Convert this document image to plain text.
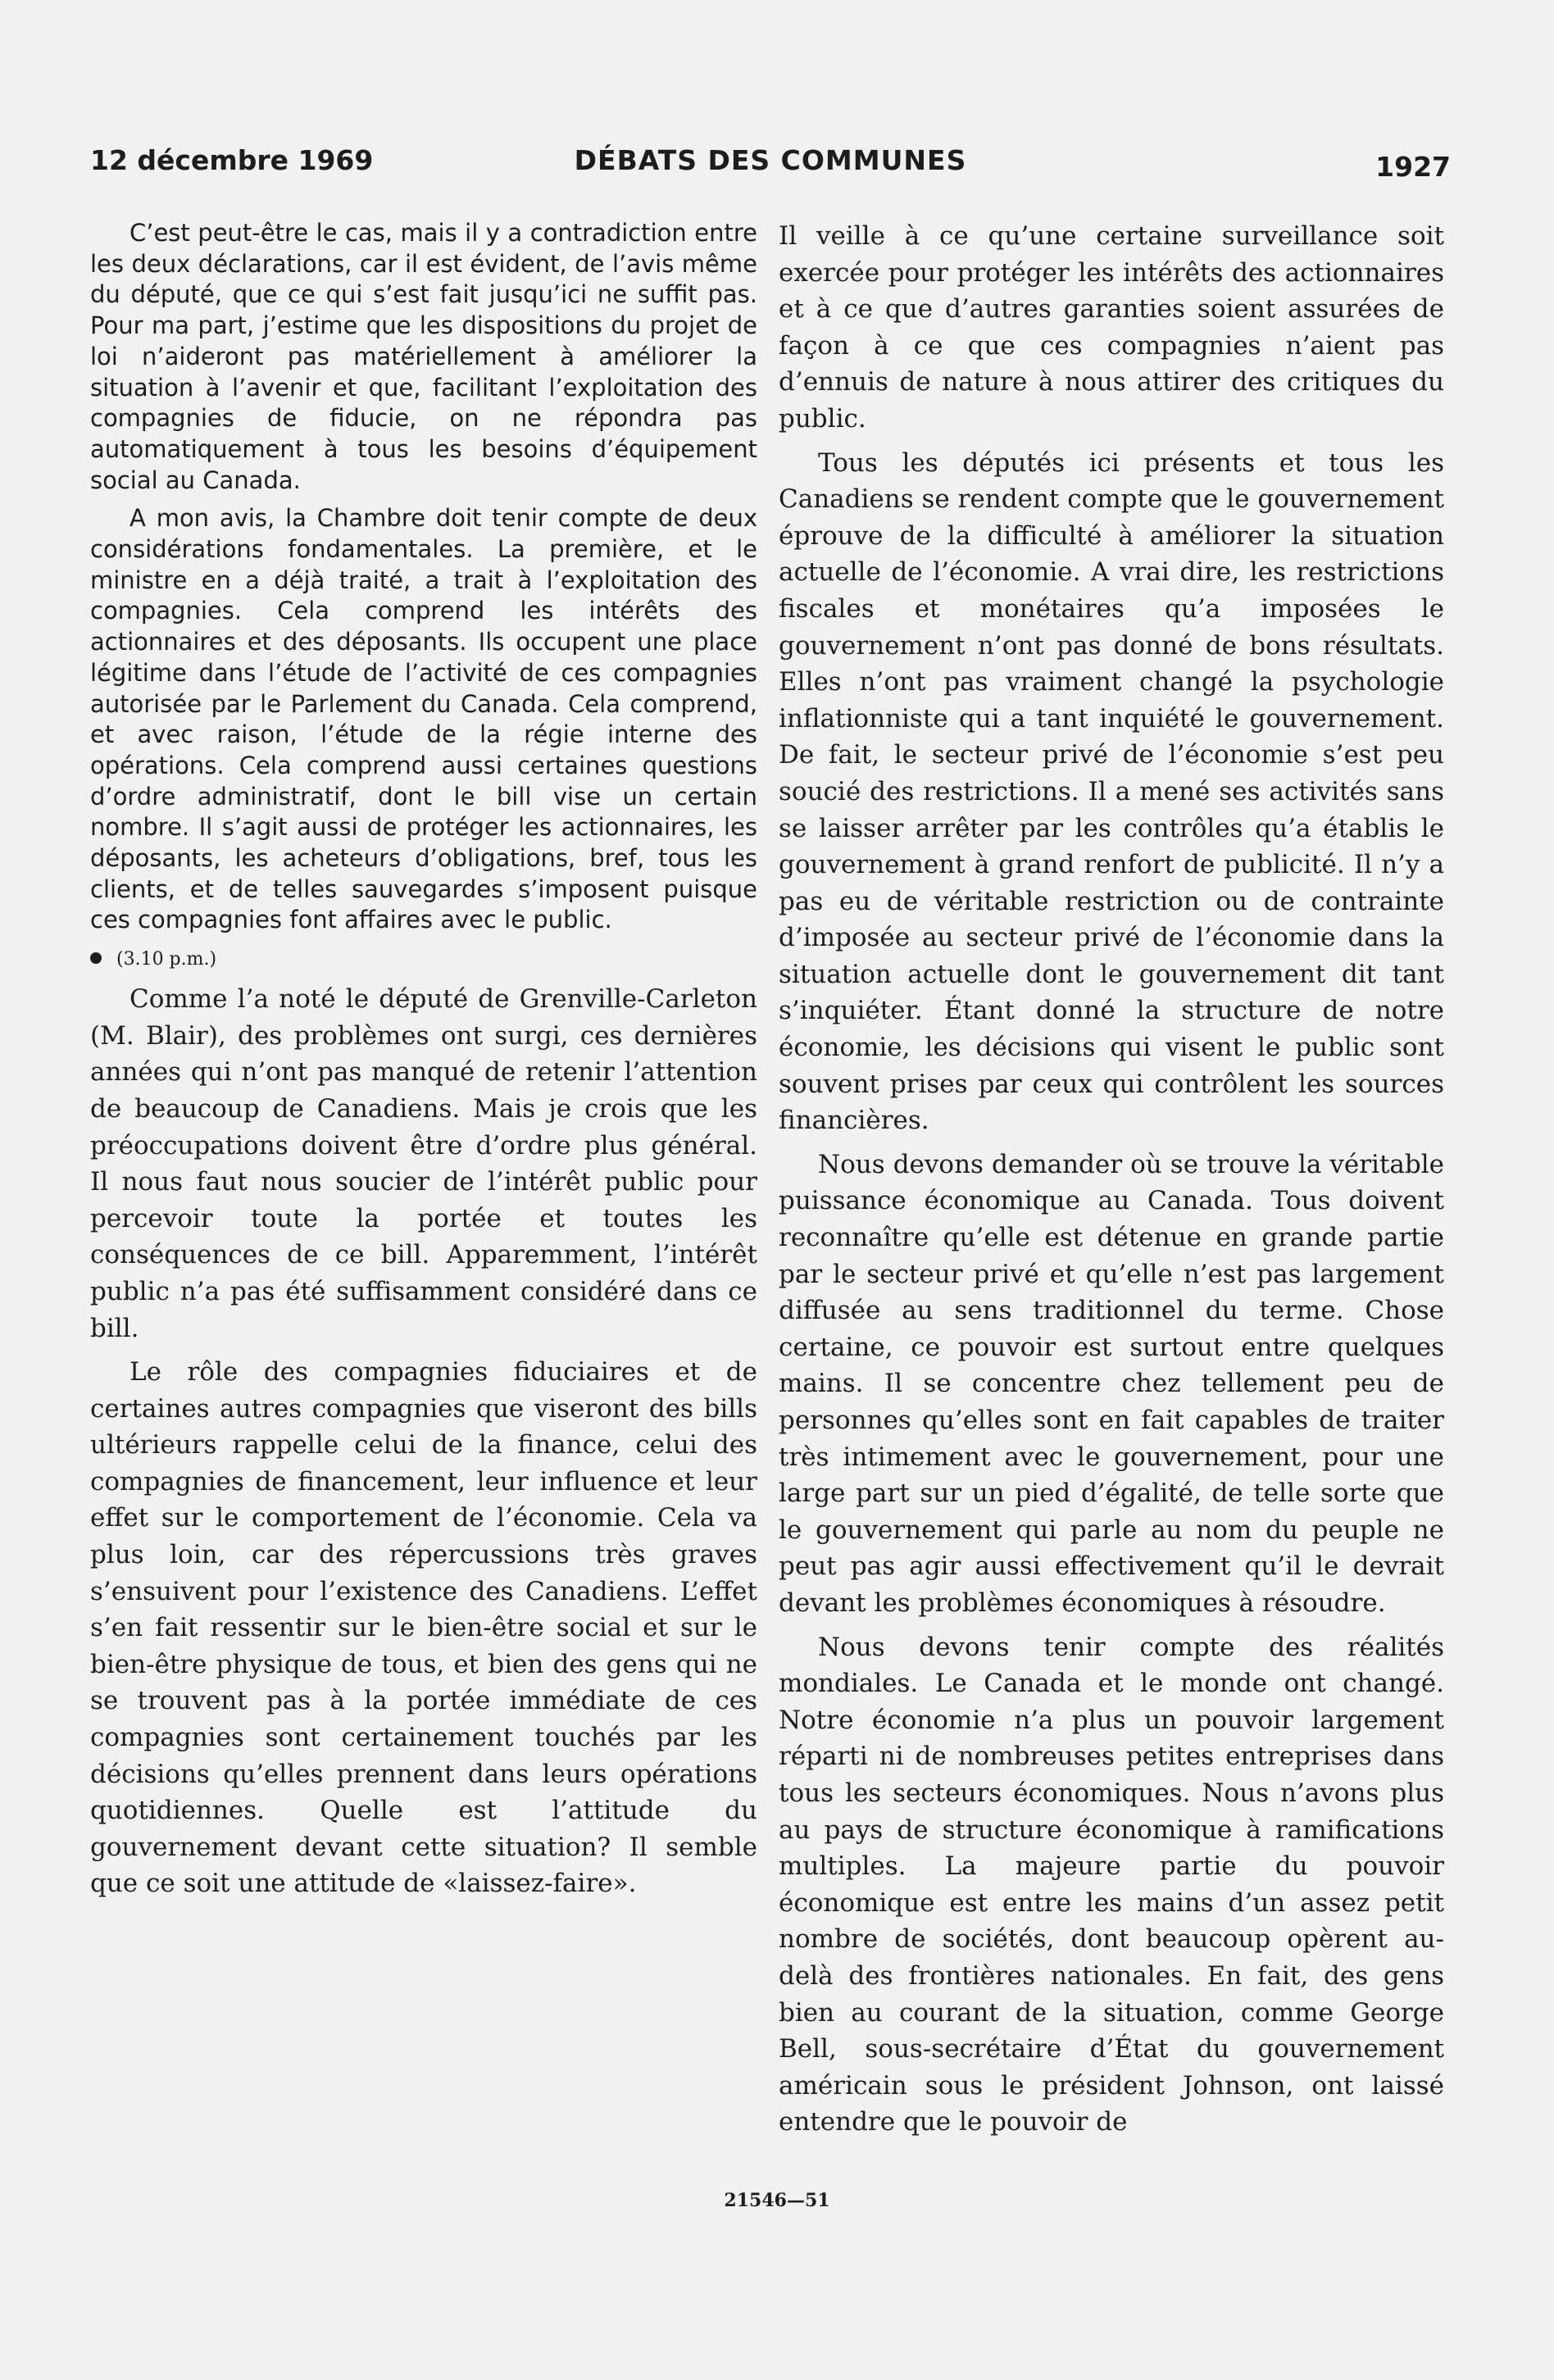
12 décembre 1969	DÉBATS DES COMMUNES	1927

C’est peut-être le cas, mais il y a contradiction entre les deux déclarations, car il est évident, de l’avis même du député, que ce qui s’est fait jusqu’ici ne suffit pas. Pour ma part, j’estime que les dispositions du projet de loi n’aideront pas matériellement à améliorer la situation à l’avenir et que, facilitant l’exploitation des compagnies de fiducie, on ne répondra pas automatiquement à tous les besoins d’équipement social au Canada.

A mon avis, la Chambre doit tenir compte de deux considérations fondamentales. La première, et le ministre en a déjà traité, a trait à l’exploitation des compagnies. Cela comprend les intérêts des actionnaires et des déposants. Ils occupent une place légitime dans l’étude de l’activité de ces compagnies autorisée par le Parlement du Canada. Cela comprend, et avec raison, l’étude de la régie interne des opérations. Cela comprend aussi certaines questions d’ordre administratif, dont le bill vise un certain nombre. Il s’agit aussi de protéger les actionnaires, les déposants, les acheteurs d’obligations, bref, tous les clients, et de telles sauvegardes s’imposent puisque ces compagnies font affaires avec le public.

(3.10 p.m.)

Comme l’a noté le député de Grenville-Carleton (M. Blair), des problèmes ont surgi, ces dernières années qui n’ont pas manqué de retenir l’attention de beaucoup de Canadiens. Mais je crois que les préoccupations doivent être d’ordre plus général. Il nous faut nous soucier de l’intérêt public pour percevoir toute la portée et toutes les conséquences de ce bill. Apparemment, l’intérêt public n’a pas été suffisamment considéré dans ce bill.

Le rôle des compagnies fiduciaires et de certaines autres compagnies que viseront des bills ultérieurs rappelle celui de la finance, celui des compagnies de financement, leur influence et leur effet sur le comportement de l’économie. Cela va plus loin, car des répercussions très graves s’ensuivent pour l’existence des Canadiens. L’effet s’en fait ressentir sur le bien-être social et sur le bien-être physique de tous, et bien des gens qui ne se trouvent pas à la portée immédiate de ces compagnies sont certainement touchés par les décisions qu’elles prennent dans leurs opérations quotidiennes. Quelle est l’attitude du gouvernement devant cette situation? Il semble que ce soit une attitude de «laissez-faire».

Il veille à ce qu’une certaine surveillance soit exercée pour protéger les intérêts des actionnaires et à ce que d’autres garanties soient assurées de façon à ce que ces compagnies n’aient pas d’ennuis de nature à nous attirer des critiques du public.

Tous les députés ici présents et tous les Canadiens se rendent compte que le gouvernement éprouve de la difficulté à améliorer la situation actuelle de l’économie. A vrai dire, les restrictions fiscales et monétaires qu’a imposées le gouvernement n’ont pas donné de bons résultats. Elles n’ont pas vraiment changé la psychologie inflationniste qui a tant inquiété le gouvernement. De fait, le secteur privé de l’économie s’est peu soucié des restrictions. Il a mené ses activités sans se laisser arrêter par les contrôles qu’a établis le gouvernement à grand renfort de publicité. Il n’y a pas eu de véritable restriction ou de contrainte d’imposée au secteur privé de l’économie dans la situation actuelle dont le gouvernement dit tant s’inquiéter. Étant donné la structure de notre économie, les décisions qui visent le public sont souvent prises par ceux qui contrôlent les sources financières.

Nous devons demander où se trouve la véritable puissance économique au Canada. Tous doivent reconnaître qu’elle est détenue en grande partie par le secteur privé et qu’elle n’est pas largement diffusée au sens traditionnel du terme. Chose certaine, ce pouvoir est surtout entre quelques mains. Il se concentre chez tellement peu de personnes qu’elles sont en fait capables de traiter très intimement avec le gouvernement, pour une large part sur un pied d’égalité, de telle sorte que le gouvernement qui parle au nom du peuple ne peut pas agir aussi effectivement qu’il le devrait devant les problèmes économiques à résoudre.

Nous devons tenir compte des réalités mondiales. Le Canada et le monde ont changé. Notre économie n’a plus un pouvoir largement réparti ni de nombreuses petites entreprises dans tous les secteurs économiques. Nous n’avons plus au pays de structure économique à ramifications multiples. La majeure partie du pouvoir économique est entre les mains d’un assez petit nombre de sociétés, dont beaucoup opèrent au-delà des frontières nationales. En fait, des gens bien au courant de la situation, comme George Bell, sous-secrétaire d’État du gouvernement américain sous le président Johnson, ont laissé entendre que le pouvoir de

21546—51
